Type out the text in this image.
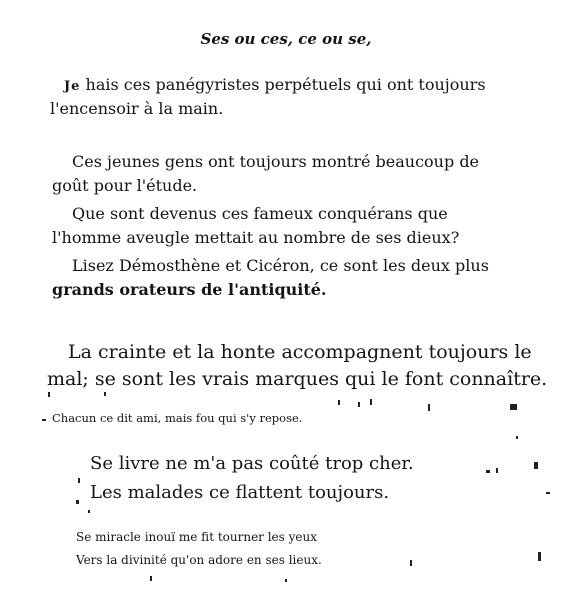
Ses ou ces, ce ou se,
Je hais ces panégyristes perpétuels qui ont toujours
l'encensoir à la main.
Ces jeunes gens ont toujours montré beaucoup de
goût pour l'étude.
Que sont devenus ces fameux conquérans que
l'homme aveugle mettait au nombre de ses dieux?
Lisez Démosthène et Cicéron, ce sont les deux plus
grands orateurs de l'antiquité.
La crainte et la honte accompagnent toujours le
mal; se sont les vrais marques qui le font connaître.
Chacun ce dit ami, mais fou qui s'y repose.
Se livre ne m'a pas coûté trop cher.
Les malades ce flattent toujours.
Se miracle inouï me fit tourner les yeux
Vers la divinité qu'on adore en ses lieux.
